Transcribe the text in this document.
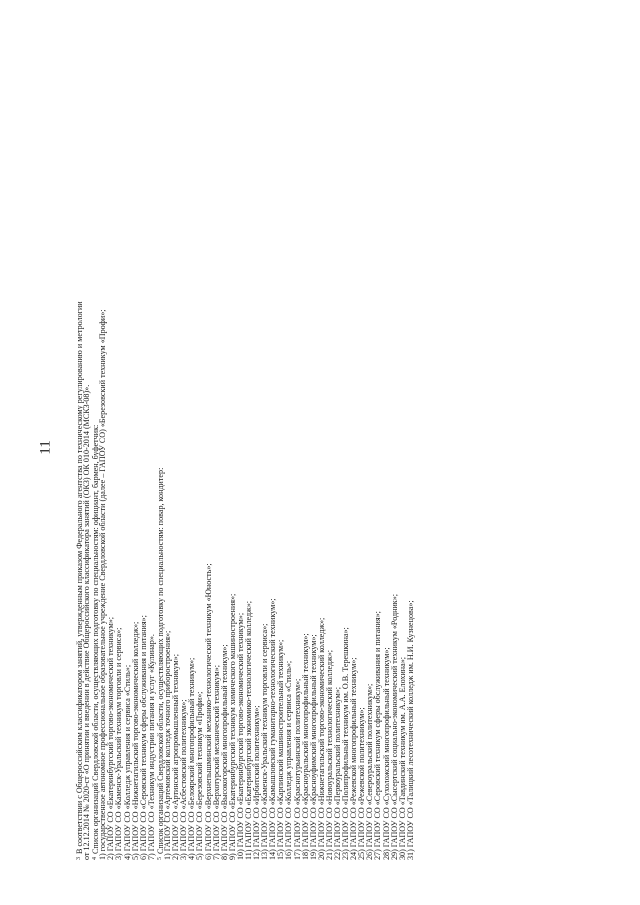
11

$^3$ В соответствии с Общероссийским классификатором занятий, утвержденным приказом Федерального агентства по техническому регулированию и метрологии

от 12.12.2014 № 2020-ст «О принятии и введении в действие Общероссийского классификатора занятий (ОКЗ) ОК 010-2014 (МСКЗ-08)». $^4$ Список организаций Свердловской области, осуществляющих подготовку по специальностям: официант, бармен, буфетчик:

1) государственное автономное профессиональное образовательное учреждение Свердловской области (далее – ГАПОУ СО) «Березовский техникум «Профи»; 2) ГАПОУ СО «Екатеринбургский торгово-экономический техникум»; 3) ГАПОУ СО «Каменск-Уральский техникум торговли и сервиса»; 4) ГАПОУ СО «Колледж управления и сервиса «Стиль»; 5) ГАПОУ СО «Нижнетагильский торгово-экономический колледж»; 6) ГАПОУ СО «Серовский техникум сферы обслуживания и питания»; 7) ГАПОУ СО «Техникум индустрии питания и услуг «Кулинар». $^5$ Список организаций Свердловской области, осуществляющих подготовку по специальностям: повар, кондитер:

1) ГАПОУ СО «Артемовский колледж точного приборостроения»; 2) ГАПОУ СО «Артинский агропромышленный техникум»; 3) ГАПОУ СО «Асбестовский политехникум»; 4) ГАПОУ СО «Белоярский многопрофильный техникум»; 5) ГАПОУ СО «Березовский техникум «Профи»; 6) ГАПОУ СО «Верхнепышминский механико-технологический техникум «Юность»; 7) ГАПОУ СО «Верхотурский механический техникум»; 8) ГАПОУ СО «Высокогорский многопрофильный техникум»; 9) ГАПОУ СО «Екатеринбургский техникум химического машиностроения»; 10) ГАПОУ СО «Екатеринбургский торгово-экономический техникум»; 11) ГАПОУ СО «Екатеринбургский экономико-технологический колледж»; 12) ГАПОУ СО «Ирбитский политехникум»; 13) ГАПОУ СО «Каменск-Уральский техникум торговли и сервиса»; 14) ГАПОУ СО «Камышловский гуманитарно-технологический техникум»; 15) ГАПОУ СО «Карпинский машиностроительный техникум»; 16) ГАПОУ СО «Колледж управления и сервиса «Стиль»; 17) ГАПОУ СО «Краснотурьинский политехникум»; 18) ГАПОУ СО «Красноуральский многопрофильный техникум»; 19) ГАПОУ СО «Красноуфимский многопрофильный техникум»; 20) ГАПОУ СО «Нижнетагильский торгово-экономический колледж»; 21) ГАПОУ СО «Новоуральский технологический колледж»; 22) ГАПОУ СО «Первоуральский политехникум»; 23) ГАПОУ СО «Полипрофильный техникум им. О.В. Терешкина»; 24) ГАПОУ СО «Режевской многопрофильный техникум»; 25) ГАПОУ СО «Режевской политехникум»; 26) ГАПОУ СО «Североуральский политехникум»; 27) ГАПОУ СО «Серовский техникум сферы обслуживания и питания»; 28) ГАПОУ СО «Сухоложский многопрофильный техникум»; 29) ГАПОУ СО «Сысертский социально-экономический техникум «Родник»; 30) ГАПОУ СО «Тавдинский техникум им. А.А. Елохина»; 31) ГАПОУ СО «Талицкий лесотехнический колледж им. Н.И. Кузнецова»;
